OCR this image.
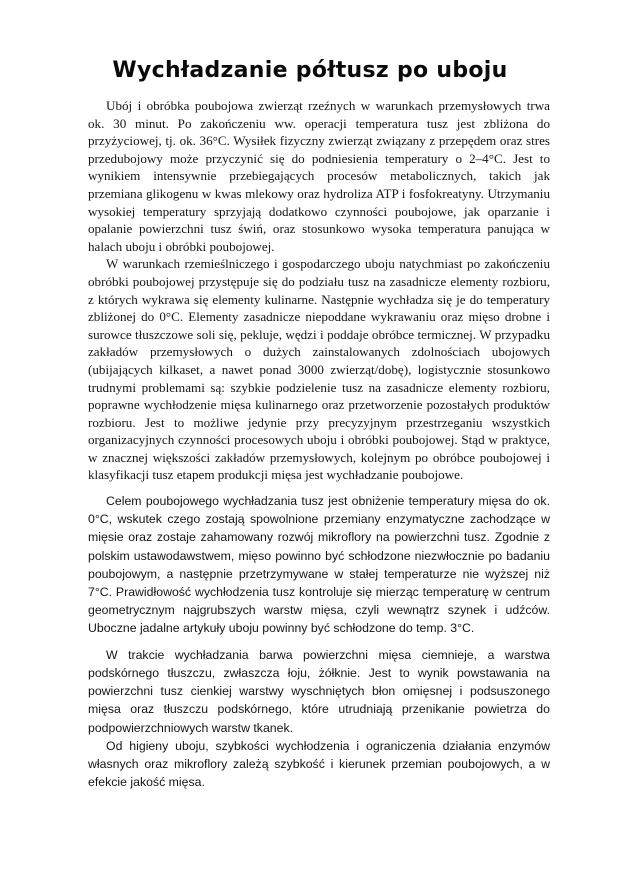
Wychładzanie półtusz po uboju

Ubój i obróbka poubojowa zwierząt rzeźnych w warunkach przemysłowych trwa ok. 30 minut. Po zakończeniu ww. operacji temperatura tusz jest zbliżona do przyżyciowej, tj. ok. 36°C. Wysiłek fizyczny zwierząt związany z przepędem oraz stres przedubojowy może przyczynić się do podniesienia temperatury o 2–4°C. Jest to wynikiem intensywnie przebiegających procesów metabolicznych, takich jak przemiana glikogenu w kwas mlekowy oraz hydroliza ATP i fosfokreatyny. Utrzymaniu wysokiej temperatury sprzyjają dodatkowo czynności poubojowe, jak oparzanie i opalanie powierzchni tusz świń, oraz stosunkowo wysoka temperatura panująca w halach uboju i obróbki poubojowej.

W warunkach rzemieślniczego i gospodarczego uboju natychmiast po zakończeniu obróbki poubojowej przystępuje się do podziału tusz na zasadnicze elementy rozbioru, z których wykrawa się elementy kulinarne. Następnie wychładza się je do temperatury zbliżonej do 0°C. Elementy zasadnicze niepoddane wykrawaniu oraz mięso drobne i surowce tłuszczowe soli się, pekluje, wędzi i poddaje obróbce termicznej. W przypadku zakładów przemysłowych o dużych zainstalowanych zdolnościach ubojowych (ubijających kilkaset, a nawet ponad 3000 zwierząt/dobę), logistycznie stosunkowo trudnymi problemami są: szybkie podzielenie tusz na zasadnicze elementy rozbioru, poprawne wychłodzenie mięsa kulinarnego oraz przetworzenie pozostałych produktów rozbioru. Jest to możliwe jedynie przy precyzyjnym przestrzeganiu wszystkich organizacyjnych czynności procesowych uboju i obróbki poubojowej. Stąd w praktyce, w znacznej większości zakładów przemysłowych, kolejnym po obróbce poubojowej i klasyfikacji tusz etapem produkcji mięsa jest wychładzanie poubojowe.

Celem poubojowego wychładzania tusz jest obniżenie temperatury mięsa do ok. 0°C, wskutek czego zostają spowolnione przemiany enzymatyczne zachodzące w mięsie oraz zostaje zahamowany rozwój mikroflory na powierzchni tusz. Zgodnie z polskim ustawodawstwem, mięso powinno być schłodzone niezwłocznie po badaniu poubojowym, a następnie przetrzymywane w stałej temperaturze nie wyższej niż 7°C. Prawidłowość wychłodzenia tusz kontroluje się mierząc temperaturę w centrum geometrycznym najgrubszych warstw mięsa, czyli wewnątrz szynek i udźców. Uboczne jadalne artykuły uboju powinny być schłodzone do temp. 3°C.

W trakcie wychładzania barwa powierzchni mięsa ciemnieje, a warstwa podskórnego tłuszczu, zwłaszcza łoju, żółknie. Jest to wynik powstawania na powierzchni tusz cienkiej warstwy wyschniętych błon omięsnej i podsuszonego mięsa oraz tłuszczu podskórnego, które utrudniają przenikanie powietrza do podpowierzchniowych warstw tkanek.

Od higieny uboju, szybkości wychłodzenia i ograniczenia działania enzymów własnych oraz mikroflory zależą szybkość i kierunek przemian poubojowych, a w efekcie jakość mięsa.
